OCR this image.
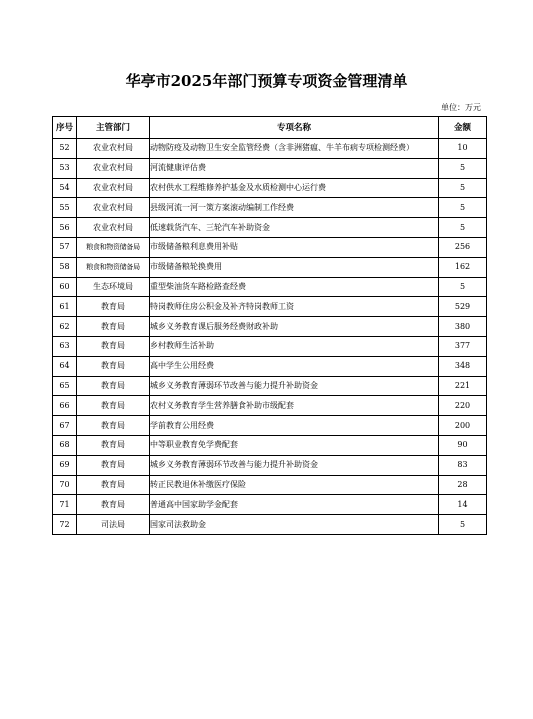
华亭市2025年部门预算专项资金管理清单
单位：万元
序号	主管部门	专项名称	金额
52	农业农村局	动物防疫及动物卫生安全监管经费（含非洲猪瘟、牛羊布病专项检测经费）	10
53	农业农村局	河流健康评估费	5
54	农业农村局	农村供水工程维修养护基金及水质检测中心运行费	5
55	农业农村局	县级河流一河一策方案滚动编制工作经费	5
56	农业农村局	低速载货汽车、三轮汽车补助资金	5
57	粮食和物资储备局	市级储备粮利息费用补贴	256
58	粮食和物资储备局	市级储备粮轮换费用	162
60	生态环境局	重型柴油货车路检路查经费	5
61	教育局	特岗教师住房公积金及补齐特岗教师工资	529
62	教育局	城乡义务教育课后服务经费财政补助	380
63	教育局	乡村教师生活补助	377
64	教育局	高中学生公用经费	348
65	教育局	城乡义务教育薄弱环节改善与能力提升补助资金	221
66	教育局	农村义务教育学生营养膳食补助市级配套	220
67	教育局	学前教育公用经费	200
68	教育局	中等职业教育免学费配套	90
69	教育局	城乡义务教育薄弱环节改善与能力提升补助资金	83
70	教育局	转正民教退休补缴医疗保险	28
71	教育局	普通高中国家助学金配套	14
72	司法局	国家司法救助金	5
